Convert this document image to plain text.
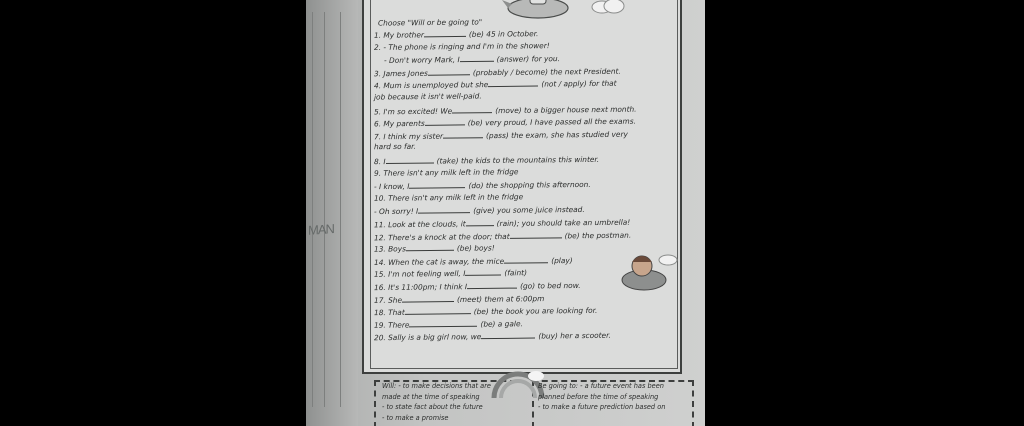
MAN
Choose "Will or be going to"
1. My brother	(be) 45 in October.
2. - The phone is ringing and I'm in the shower!
- Don't worry Mark, I	(answer) for you.
3. James Jones	(probably / become) the next President.
4. Mum is unemployed but she	(not / apply) for that
job because it isn't well-paid.
5. I'm so excited! We	(move) to a bigger house next month.
6. My parents	(be) very proud, I have passed all the exams.
7. I think my sister	(pass) the exam, she has studied very
hard so far.
8. I	(take) the kids to the mountains this winter.
9. There isn't any milk left in the fridge
- I know, I	(do) the shopping this afternoon.
10. There isn't any milk left in the fridge
- Oh sorry! I	(give) you some juice instead.
11. Look at the clouds, it	(rain); you should take an umbrella!
12. There's a knock at the door; that	(be) the postman.
13. Boys	(be) boys!
14. When the cat is away, the mice	(play)
15. I'm not feeling well, I	(faint)
16. It's 11:00pm; I think I	(go) to bed now.
17. She	(meet) them at 6:00pm
18. That	(be) the book you are looking for.
19. There	(be) a gale.
20. Sally is a big girl now, we	(buy) her a scooter.
Will: - to make decisions that are
made at the time of speaking
- to state fact about the future
- to make a promise
Be going to: - a future event has been
planned before the time of speaking
- to make a future prediction based on
